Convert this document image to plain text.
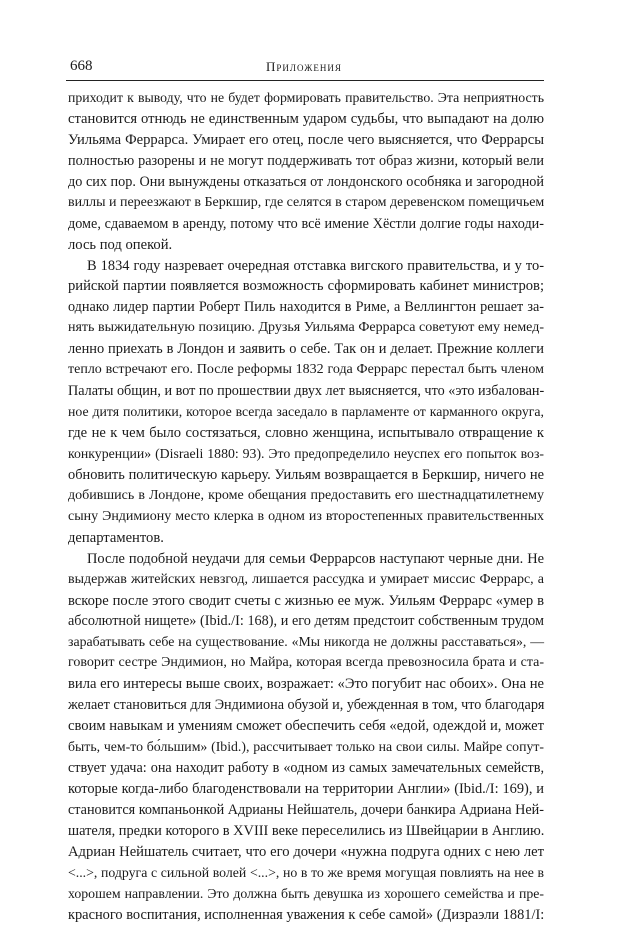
668	Приложения
приходит к выводу, что не будет формировать правительство. Эта неприятность
становится отнюдь не единственным ударом судьбы, что выпадают на долю
Уильяма Феррарса. Умирает его отец, после чего выясняется, что Феррарсы
полностью разорены и не могут поддерживать тот образ жизни, который вели
до сих пор. Они вынуждены отказаться от лондонского особняка и загородной
виллы и переезжают в Беркшир, где селятся в старом деревенском помещичьем
доме, сдаваемом в аренду, потому что всё имение Хёстли долгие годы находи-
лось под опекой.
В 1834 году назревает очередная отставка вигского правительства, и у то-
рийской партии появляется возможность сформировать кабинет министров;
однако лидер партии Роберт Пиль находится в Риме, а Веллингтон решает за-
нять выжидательную позицию. Друзья Уильяма Феррарса советуют ему немед-
ленно приехать в Лондон и заявить о себе. Так он и делает. Прежние коллеги
тепло встречают его. После реформы 1832 года Феррарс перестал быть членом
Палаты общин, и вот по прошествии двух лет выясняется, что «это избалован-
ное дитя политики, которое всегда заседало в парламенте от карманного округа,
где не к чем было состязаться, словно женщина, испытывало отвращение к
конкуренции» (Disraeli 1880: 93). Это предопределило неуспех его попыток воз-
обновить политическую карьеру. Уильям возвращается в Беркшир, ничего не
добившись в Лондоне, кроме обещания предоставить его шестнадцатилетнему
сыну Эндимиону место клерка в одном из второстепенных правительственных
департаментов.
После подобной неудачи для семьи Феррарсов наступают черные дни. Не
выдержав житейских невзгод, лишается рассудка и умирает миссис Феррарс, а
вскоре после этого сводит счеты с жизнью ее муж. Уильям Феррарс «умер в
абсолютной нищете» (Ibid./I: 168), и его детям предстоит собственным трудом
зарабатывать себе на существование. «Мы никогда не должны расставаться», —
говорит сестре Эндимион, но Майра, которая всегда превозносила брата и ста-
вила его интересы выше своих, возражает: «Это погубит нас обоих». Она не
желает становиться для Эндимиона обузой и, убежденная в том, что благодаря
своим навыкам и умениям сможет обеспечить себя «едой, одеждой и, может
быть, чем-то бо́льшим» (Ibid.), рассчитывает только на свои силы. Майре сопут-
ствует удача: она находит работу в «одном из самых замечательных семейств,
которые когда-либо благоденствовали на территории Англии» (Ibid./I: 169), и
становится компаньонкой Адрианы Нейшатель, дочери банкира Адриана Ней-
шателя, предки которого в XVIII веке переселились из Швейцарии в Англию.
Адриан Нейшатель считает, что его дочери «нужна подруга одних с нею лет
<...>, подруга с сильной волей <...>, но в то же время могущая повлиять на нее в
хорошем направлении. Это должна быть девушка из хорошего семейства и пре-
красного воспитания, исполненная уважения к себе самой» (Дизраэли 1881/I:
